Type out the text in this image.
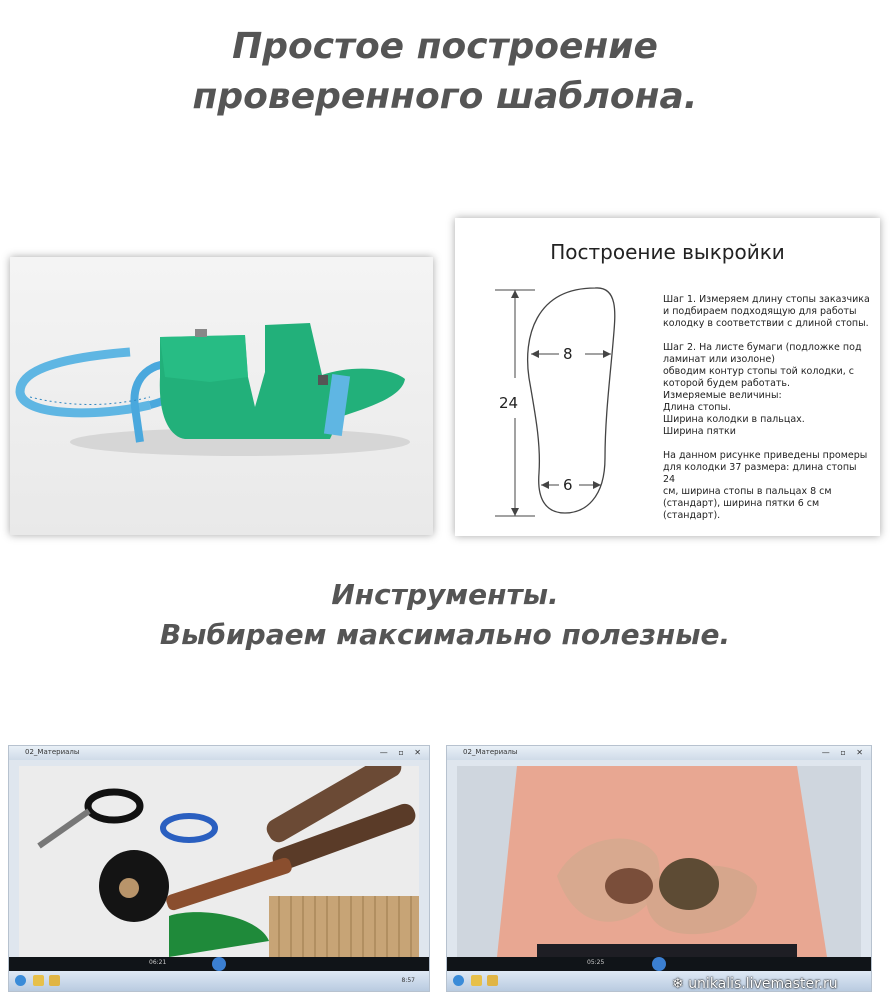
Простое построение
проверенного шаблона.
Инструменты.
Выбираем максимально полезные.
Построение выкройки
8
24
6

Шаг 1. Измеряем длину стопы заказчика
и подбираем подходящую для работы
колодку в соответствии с длиной стопы.

Шаг 2. На листе бумаги (подложке под
ламинат или изолоне)
обводим контур стопы той колодки, с
которой будем работать.
Измеряемые величины:
Длина стопы.
Ширина колодки в пальцах.
Ширина пятки

На данном рисунке приведены промеры
для колодки 37 размера: длина стопы 24
см, ширина стопы в пальцах 8 см
(стандарт), ширина пятки 6 см (стандарт).

02_Материалы	— ▫ ✕
06:21
8:57
02_Материалы	— ▫ ✕
05:25
❄ unikalis.livemaster.ru
